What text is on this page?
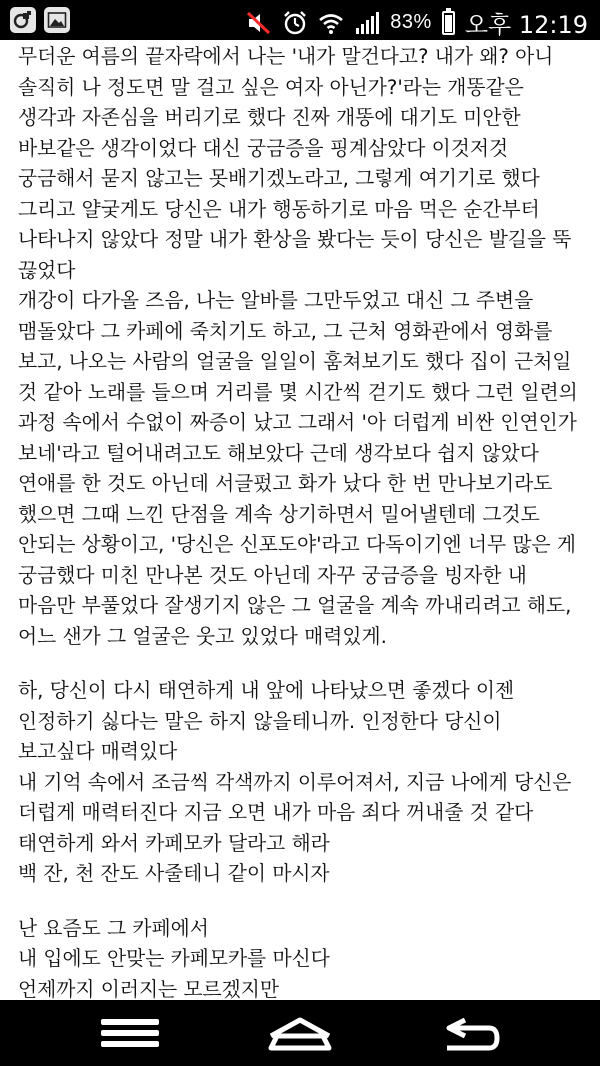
83% 오후 12:19

무더운 여름의 끝자락에서 나는 '내가 말건다고? 내가 왜? 아니 솔직히 나 정도면 말 걸고 싶은 여자 아닌가?'라는 개똥같은 생각과 자존심을 버리기로 했다 진짜 개똥에 대기도 미안한 바보같은 생각이었다 대신 궁금증을 핑계삼았다 이것저것 궁금해서 묻지 않고는 못배기겠노라고, 그렇게 여기기로 했다 그리고 얄궂게도 당신은 내가 행동하기로 마음 먹은 순간부터 나타나지 않았다 정말 내가 환상을 봤다는 듯이 당신은 발길을 뚝 끊었다
개강이 다가올 즈음, 나는 알바를 그만두었고 대신 그 주변을 맴돌았다 그 카페에 죽치기도 하고, 그 근처 영화관에서 영화를 보고, 나오는 사람의 얼굴을 일일이 훔쳐보기도 했다 집이 근처일 것 같아 노래를 들으며 거리를 몇 시간씩 걷기도 했다 그런 일련의 과정 속에서 수없이 짜증이 났고 그래서 '아 더럽게 비싼 인연인가 보네'라고 털어내려고도 해보았다 근데 생각보다 쉽지 않았다 연애를 한 것도 아닌데 서글펐고 화가 났다 한 번 만나보기라도 했으면 그때 느낀 단점을 계속 상기하면서 밀어낼텐데 그것도 안되는 상황이고, '당신은 신포도야'라고 다독이기엔 너무 많은 게 궁금했다 미친 만나본 것도 아닌데 자꾸 궁금증을 빙자한 내 마음만 부풀었다 잘생기지 않은 그 얼굴을 계속 까내리려고 해도, 어느 샌가 그 얼굴은 웃고 있었다 매력있게.

하, 당신이 다시 태연하게 내 앞에 나타났으면 좋겠다 이젠 인정하기 싫다는 말은 하지 않을테니까. 인정한다 당신이 보고싶다 매력있다
내 기억 속에서 조금씩 각색까지 이루어져서, 지금 나에게 당신은 더럽게 매력터진다 지금 오면 내가 마음 죄다 꺼내줄 것 같다
태연하게 와서 카페모카 달라고 해라
백 잔, 천 잔도 사줄테니 같이 마시자

난 요즘도 그 카페에서
내 입에도 안맞는 카페모카를 마신다
언제까지 이러지는 모르겠지만
